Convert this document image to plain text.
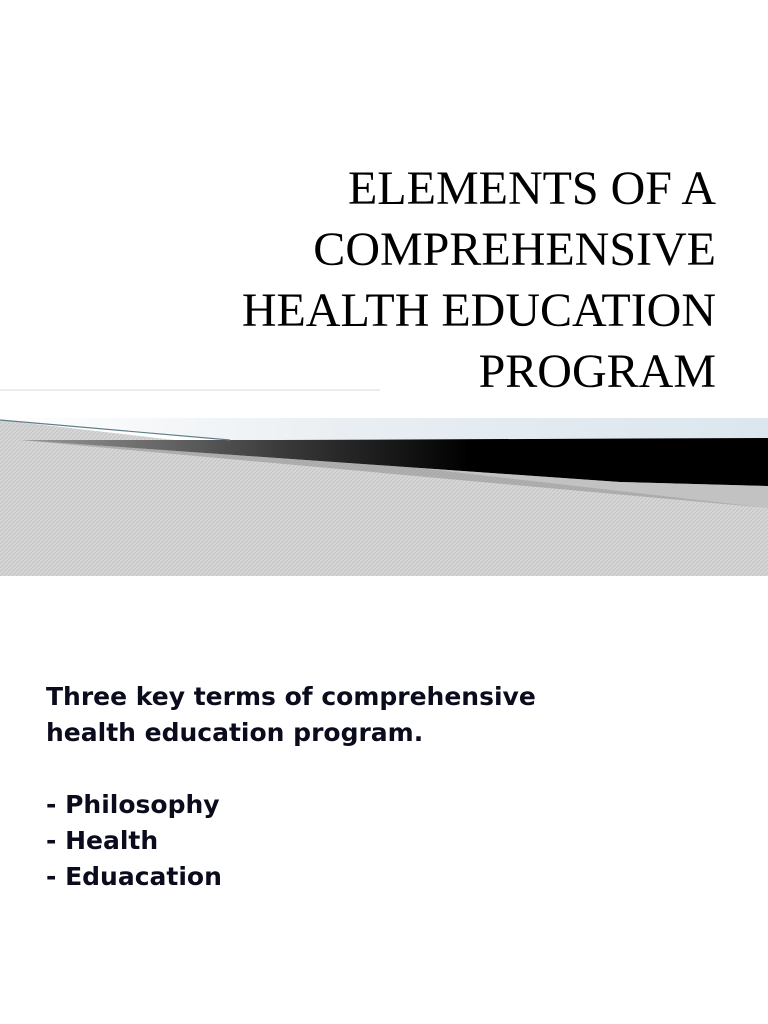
ELEMENTS OF A
COMPREHENSIVE
HEALTH EDUCATION
PROGRAM
Three key terms of comprehensive
health education program.
- Philosophy
- Health
- Eduacation
